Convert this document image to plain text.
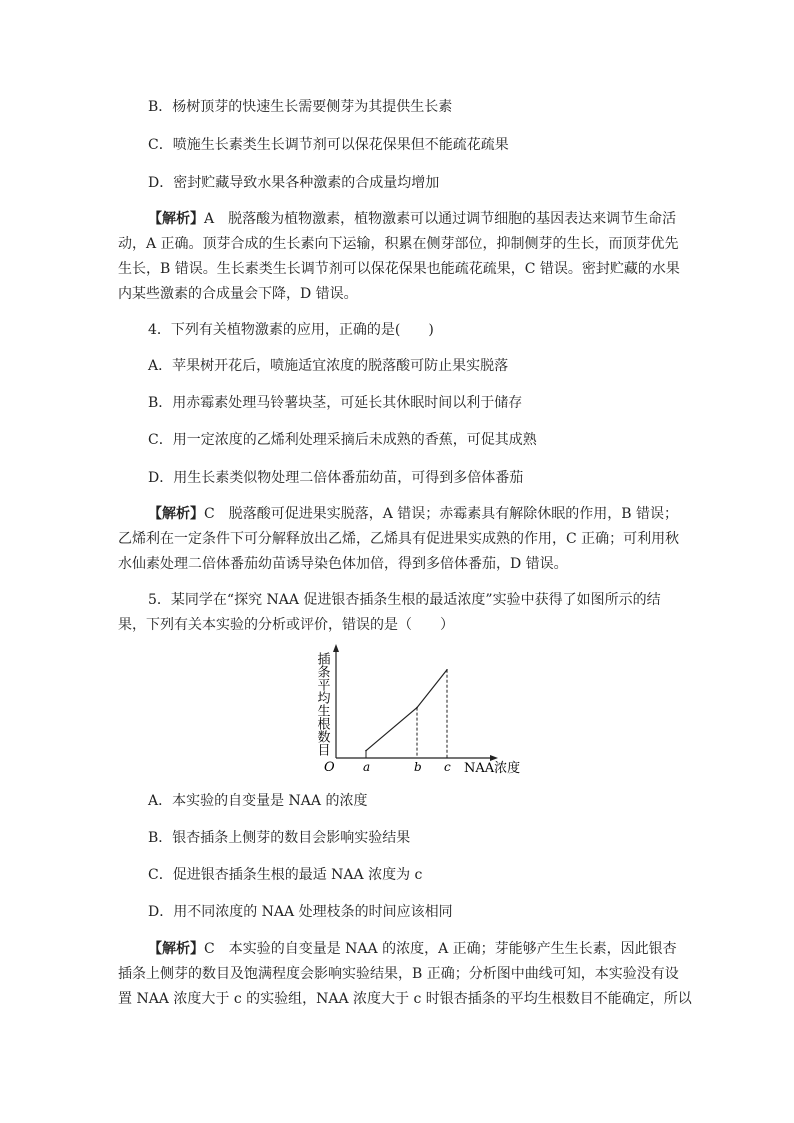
B．杨树顶芽的快速生长需要侧芽为其提供生长素
C．喷施生长素类生长调节剂可以保花保果但不能疏花疏果
D．密封贮藏导致水果各种激素的合成量均增加
【解析】A　脱落酸为植物激素，植物激素可以通过调节细胞的基因表达来调节生命活
动，A 正确。顶芽合成的生长素向下运输，积累在侧芽部位，抑制侧芽的生长，而顶芽优先
生长，B 错误。生长素类生长调节剂可以保花保果也能疏花疏果，C 错误。密封贮藏的水果
内某些激素的合成量会下降，D 错误。
4．下列有关植物激素的应用，正确的是(　　)
A．苹果树开花后，喷施适宜浓度的脱落酸可防止果实脱落
B．用赤霉素处理马铃薯块茎，可延长其休眠时间以利于储存
C．用一定浓度的乙烯利处理采摘后未成熟的香蕉，可促其成熟
D．用生长素类似物处理二倍体番茄幼苗，可得到多倍体番茄
【解析】C　脱落酸可促进果实脱落，A 错误；赤霉素具有解除休眠的作用，B 错误；
乙烯利在一定条件下可分解释放出乙烯，乙烯具有促进果实成熟的作用，C 正确；可利用秋
水仙素处理二倍体番茄幼苗诱导染色体加倍，得到多倍体番茄，D 错误。
5．某同学在“探究 NAA 促进银杏插条生根的最适浓度”实验中获得了如图所示的结
果，下列有关本实验的分析或评价，错误的是（　　）
插条平均生根数目
O	NAA浓度
a	b c
A．本实验的自变量是 NAA 的浓度
B．银杏插条上侧芽的数目会影响实验结果
C．促进银杏插条生根的最适 NAA 浓度为 c
D．用不同浓度的 NAA 处理枝条的时间应该相同
【解析】C　本实验的自变量是 NAA 的浓度，A 正确；芽能够产生生长素，因此银杏
插条上侧芽的数目及饱满程度会影响实验结果，B 正确；分析图中曲线可知，本实验没有设
置 NAA 浓度大于 c 的实验组，NAA 浓度大于 c 时银杏插条的平均生根数目不能确定，所以
